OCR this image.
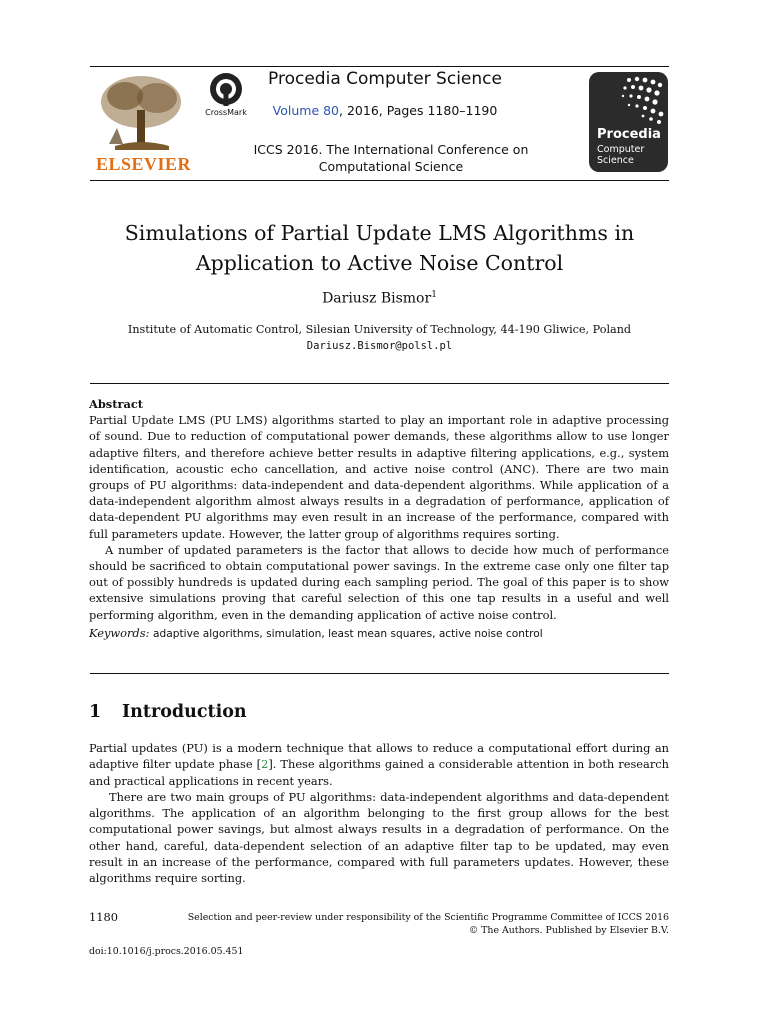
ELSEVIER
CrossMark
Procedia Computer Science
Volume 80, 2016, Pages 1180–1190
ICCS 2016. The International Conference on Computational Science
Procedia
Computer
Science
Simulations of Partial Update LMS Algorithms in
Application to Active Noise Control
Dariusz Bismor$^1$
Institute of Automatic Control, Silesian University of Technology, 44-190 Gliwice, Poland
Dariusz.Bismor@polsl.pl
Abstract

Partial Update LMS (PU LMS) algorithms started to play an important role in adaptive processing of sound. Due to reduction of computational power demands, these algorithms allow to use longer adaptive filters, and therefore achieve better results in adaptive filtering applications, e.g., system identification, acoustic echo cancellation, and active noise control (ANC). There are two main groups of PU algorithms: data-independent and data-dependent algorithms. While application of a data-independent algorithm almost always results in a degradation of performance, application of data-dependent PU algorithms may even result in an increase of the performance, compared with full parameters update. However, the latter group of algorithms requires sorting.

A number of updated parameters is the factor that allows to decide how much of performance should be sacrificed to obtain computational power savings. In the extreme case only one filter tap out of possibly hundreds is updated during each sampling period. The goal of this paper is to show extensive simulations proving that careful selection of this one tap results in a useful and well performing algorithm, even in the demanding application of active noise control.

Keywords: adaptive algorithms, simulation, least mean squares, active noise control

1 Introduction

Partial updates (PU) is a modern technique that allows to reduce a computational effort during an adaptive filter update phase [2]. These algorithms gained a considerable attention in both research and practical applications in recent years.

There are two main groups of PU algorithms: data-independent algorithms and data-dependent algorithms. The application of an algorithm belonging to the first group allows for the best computational power savings, but almost always results in a degradation of performance. On the other hand, careful, data-dependent selection of an adaptive filter tap to be updated, may even result in an increase of the performance, compared with full parameters updates. However, these algorithms require sorting.

1180	Selection and peer-review under responsibility of the Scientific Programme Committee of ICCS 2016
© The Authors. Published by Elsevier B.V.
doi:10.1016/j.procs.2016.05.451
